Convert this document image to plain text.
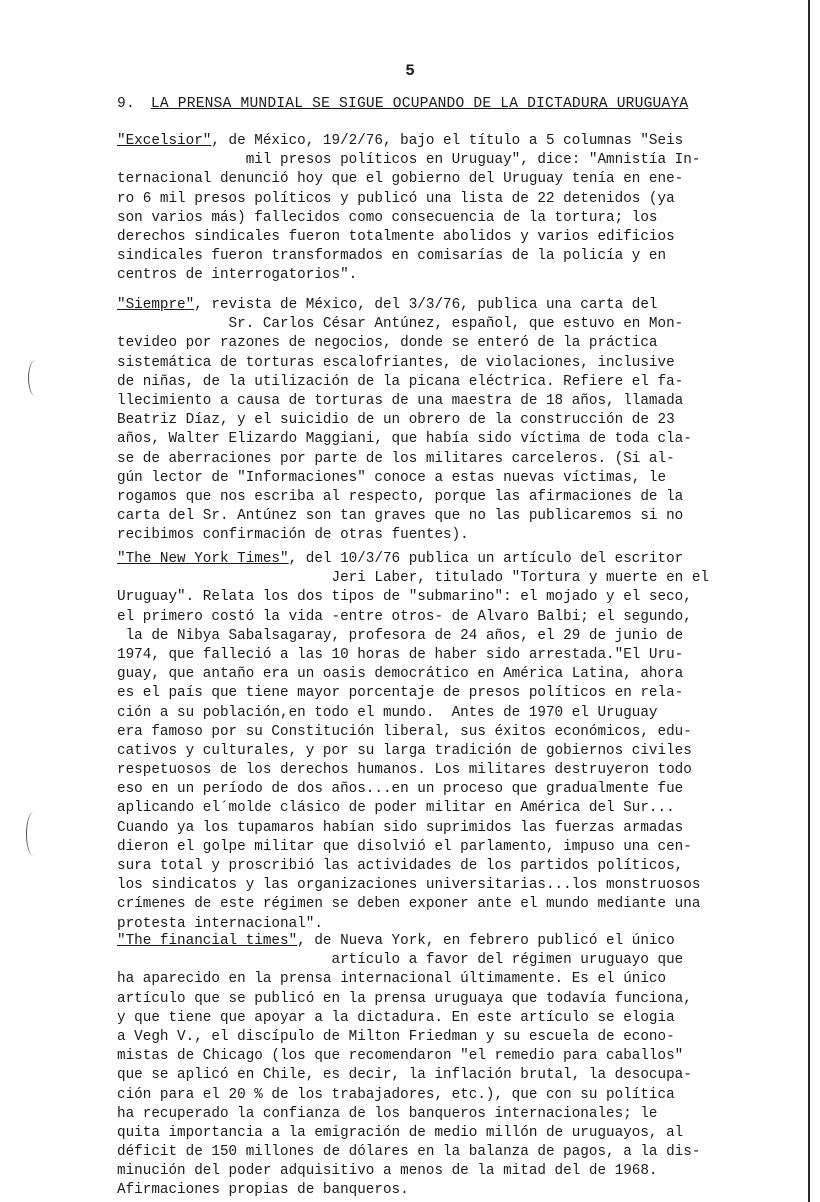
5
9. LA PRENSA MUNDIAL SE SIGUE OCUPANDO DE LA DICTADURA URUGUAYA
"Excelsior", de México, 19/2/76, bajo el título a 5 columnas "Seis
mil presos políticos en Uruguay", dice: "Amnistía In-
ternacional denunció hoy que el gobierno del Uruguay tenía en ene-
ro 6 mil presos políticos y publicó una lista de 22 detenidos (ya
son varios más) fallecidos como consecuencia de la tortura; los
derechos sindicales fueron totalmente abolidos y varios edificios
sindicales fueron transformados en comisarías de la policía y en
centros de interrogatorios".
"Siempre", revista de México, del 3/3/76, publica una carta del
Sr. Carlos César Antúnez, español, que estuvo en Mon-
tevideo por razones de negocios, donde se enteró de la práctica
sistemática de torturas escalofriantes, de violaciones, inclusive
de niñas, de la utilización de la picana eléctrica. Refiere el fa-
llecimiento a causa de torturas de una maestra de 18 años, llamada
Beatriz Díaz, y el suicidio de un obrero de la construcción de 23
años, Walter Elizardo Maggiani, que había sido víctima de toda cla-
se de aberraciones por parte de los militares carceleros. (Si al-
gún lector de "Informaciones" conoce a estas nuevas víctimas, le
rogamos que nos escriba al respecto, porque las afirmaciones de la
carta del Sr. Antúnez son tan graves que no las publicaremos si no
recibimos confirmación de otras fuentes).
"The New York Times", del 10/3/76 publica un artículo del escritor
Jeri Laber, titulado "Tortura y muerte en el
Uruguay". Relata los dos tipos de "submarino": el mojado y el seco,
el primero costó la vida -entre otros- de Alvaro Balbi; el segundo,
la de Nibya Sabalsagaray, profesora de 24 años, el 29 de junio de
1974, que falleció a las 10 horas de haber sido arrestada."El Uru-
guay, que antaño era un oasis democrático en América Latina, ahora
es el país que tiene mayor porcentaje de presos políticos en rela-
ción a su población,en todo el mundo.  Antes de 1970 el Uruguay
era famoso por su Constitución liberal, sus éxitos económicos, edu-
cativos y culturales, y por su larga tradición de gobiernos civiles
respetuosos de los derechos humanos. Los militares destruyeron todo
eso en un período de dos años...en un proceso que gradualmente fue
aplicando el´molde clásico de poder militar en América del Sur...
Cuando ya los tupamaros habían sido suprimidos las fuerzas armadas
dieron el golpe militar que disolvió el parlamento, impuso una cen-
sura total y proscribió las actividades de los partidos políticos,
los sindicatos y las organizaciones universitarias...los monstruosos
crímenes de este régimen se deben exponer ante el mundo mediante una
protesta internacional".
"The financial times", de Nueva York, en febrero publicó el único
artículo a favor del régimen uruguayo que
ha aparecido en la prensa internacional últimamente. Es el único
artículo que se publicó en la prensa uruguaya que todavía funciona,
y que tiene que apoyar a la dictadura. En este artículo se elogia
a Vegh V., el discípulo de Milton Friedman y su escuela de econo-
mistas de Chicago (los que recomendaron "el remedio para caballos"
que se aplicó en Chile, es decir, la inflación brutal, la desocupa-
ción para el 20 % de los trabajadores, etc.), que con su política
ha recuperado la confianza de los banqueros internacionales; le
quita importancia a la emigración de medio millón de uruguayos, al
déficit de 150 millones de dólares en la balanza de pagos, a la dis-
minución del poder adquisitivo a menos de la mitad del de 1968.
Afirmaciones propias de banqueros.
